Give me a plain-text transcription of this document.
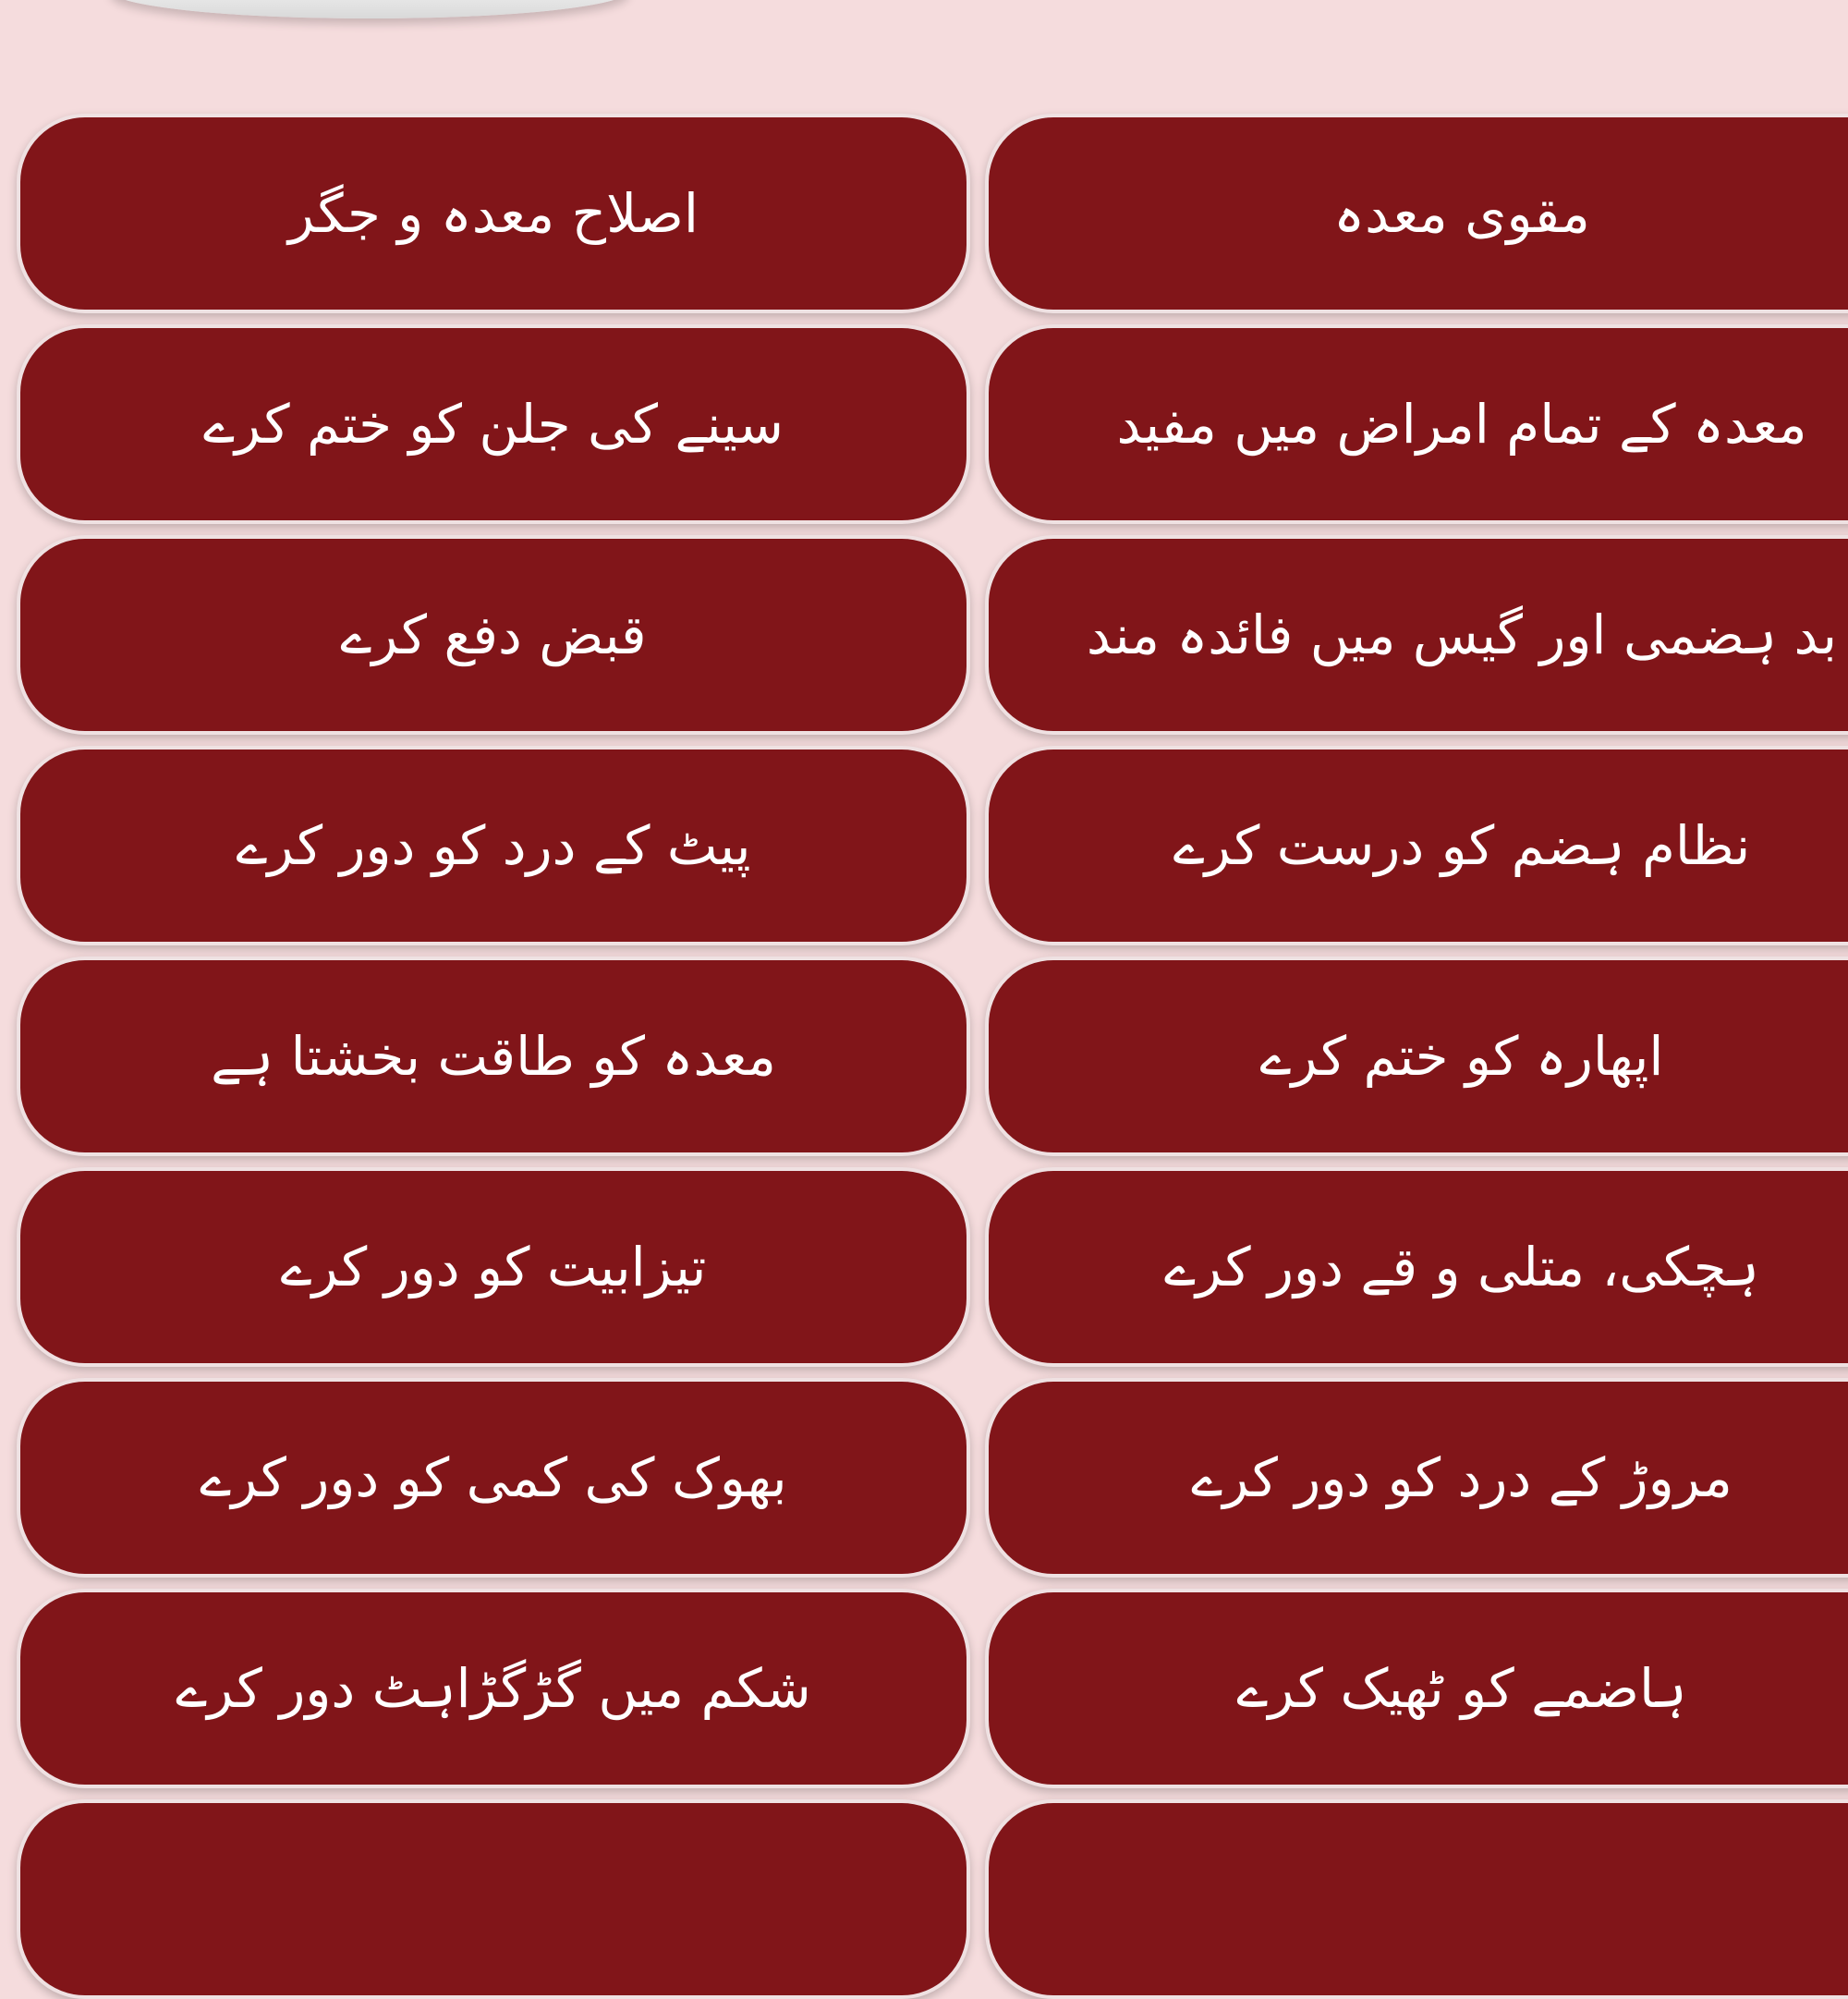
اصلاح معدہ و جگر	مقوی معدہ
سینے کی جلن کو ختم کرے	معدہ کے تمام امراض میں مفید
قبض دفع کرے	بد ہضمی اور گیس میں فائدہ مند
پیٹ کے درد کو دور کرے	نظام ہضم کو درست کرے
معدہ کو طاقت بخشتا ہے	اپھارہ کو ختم کرے
تیزابیت کو دور کرے	ہچکی، متلی و قے دور کرے
بھوک کی کمی کو دور کرے	مروڑ کے درد کو دور کرے
شکم میں گڑگڑاہٹ دور کرے	ہاضمے کو ٹھیک کرے
